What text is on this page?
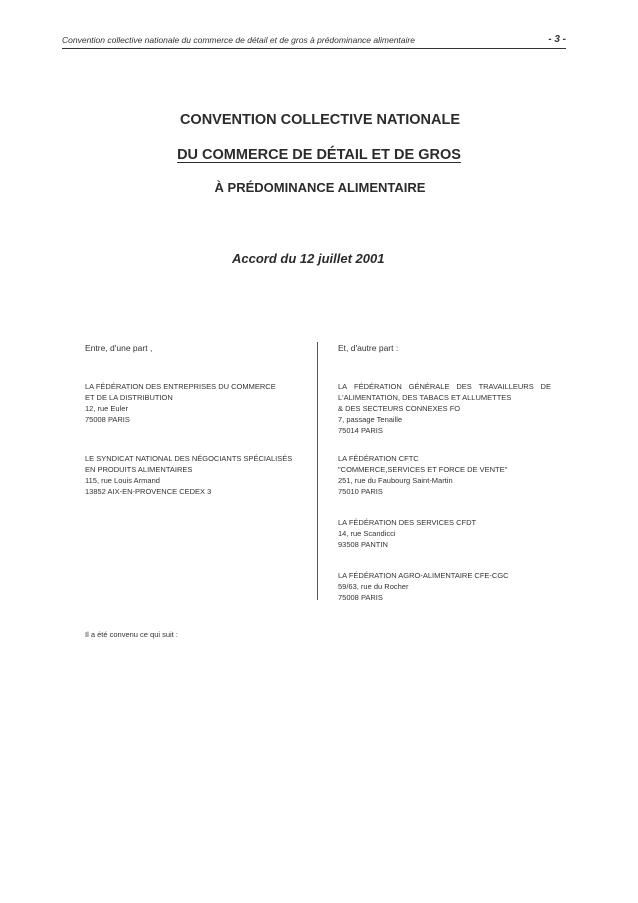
Convention collective nationale du commerce de détail et de gros à prédominance alimentaire	- 3 -
CONVENTION COLLECTIVE NATIONALE
DU COMMERCE DE DÉTAIL ET DE GROS
À PRÉDOMINANCE ALIMENTAIRE
Accord du 12 juillet 2001
Entre, d'une part ,	Et, d'autre part :
LA FÉDÉRATION DES ENTREPRISES DU COMMERCE
ET DE LA DISTRIBUTION
12, rue Euler
75008 PARIS
LE SYNDICAT NATIONAL DES NÉGOCIANTS SPÉCIALISÉS
EN PRODUITS ALIMENTAIRES
115, rue Louis Armand
13852 AIX-EN-PROVENCE CEDEX 3
LA FÉDÉRATION GÉNÉRALE DES TRAVAILLEURS DE
L'ALIMENTATION, DES TABACS ET ALLUMETTES
& DES SECTEURS CONNEXES FO
7, passage Tenaille
75014 PARIS
LA FÉDÉRATION CFTC
"COMMERCE,SERVICES ET FORCE DE VENTE"
251, rue du Faubourg Saint-Martin
75010 PARIS
LA FÉDÉRATION DES SERVICES CFDT
14, rue Scandicci
93508 PANTIN
LA FÉDÉRATION AGRO-ALIMENTAIRE CFE-CGC
59/63, rue du Rocher
75008 PARIS
Il a été convenu ce qui suit :
